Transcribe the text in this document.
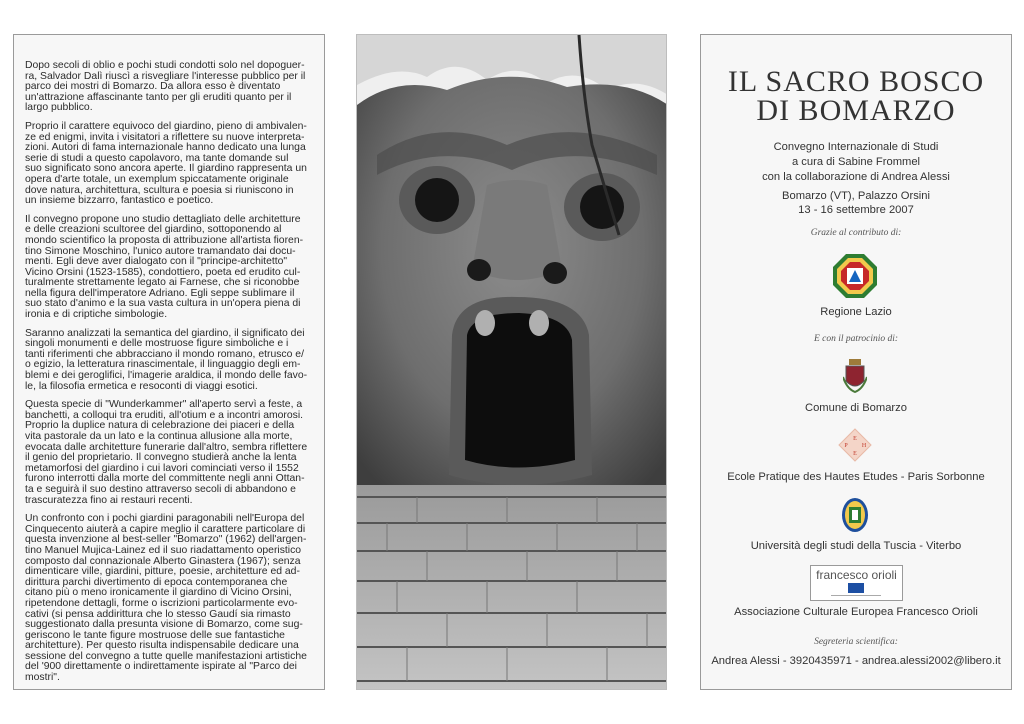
Dopo secoli di oblio e pochi studi condotti solo nel dopoguer-
ra, Salvador Dalì riuscì a risvegliare l'interesse pubblico per il
parco dei mostri di Bomarzo. Da allora esso è diventato
un'attrazione affascinante tanto per gli eruditi quanto per il
largo pubblico.

Proprio il carattere equivoco del giardino, pieno di ambivalen-
ze ed enigmi, invita i visitatori a riflettere su nuove interpreta-
zioni. Autori di fama internazionale hanno dedicato una lunga
serie di studi a questo capolavoro, ma tante domande sul
suo significato sono ancora aperte. Il giardino rappresenta un
opera d'arte totale, un exemplum spiccatamente originale
dove natura, architettura, scultura e poesia si riuniscono in
un insieme bizzarro, fantastico e poetico.

Il convegno propone uno studio dettagliato delle architetture
e delle creazioni scultoree del giardino, sottoponendo al
mondo scientifico la proposta di attribuzione all'artista fioren-
tino Simone Moschino, l'unico autore tramandato dai docu-
menti. Egli deve aver dialogato con il "principe-architetto"
Vicino Orsini (1523-1585), condottiero, poeta ed erudito cul-
turalmente strettamente legato ai Farnese, che si riconobbe
nella figura dell'imperatore Adriano. Egli seppe sublimare il
suo stato d'animo e la sua vasta cultura in un'opera piena di
ironia e di criptiche simbologie.

Saranno analizzati la semantica del giardino, il significato dei
singoli monumenti e delle mostruose figure simboliche e i
tanti riferimenti che abbracciano il mondo romano, etrusco e/
o egizio, la letteratura rinascimentale, il linguaggio degli em-
blemi e dei geroglifici, l'imagerie araldica, il mondo delle favo-
le, la filosofia ermetica e resoconti di viaggi esotici.

Questa specie di "Wunderkammer" all'aperto servì a feste, a
banchetti, a colloqui tra eruditi, all'otium e a incontri amorosi.
Proprio la duplice natura di celebrazione dei piaceri e della
vita pastorale da un lato e la continua allusione alla morte,
evocata dalle architetture funerarie dall'altro, sembra riflettere
il genio del proprietario. Il convegno studierà anche la lenta
metamorfosi del giardino i cui lavori cominciati verso il 1552
furono interrotti dalla morte del committente negli anni Ottan-
ta e seguirà il suo destino attraverso secoli di abbandono e
trascuratezza fino ai restauri recenti.

Un confronto con i pochi giardini paragonabili nell'Europa del
Cinquecento aiuterà a capire meglio il carattere particolare di
questa invenzione al best-seller "Bomarzo" (1962) dell'argen-
tino Manuel Mujica-Lainez ed il suo riadattamento operistico
composto dal connazionale Alberto Ginastera (1967); senza
dimenticare ville, giardini, pitture, poesie, architetture ed ad-
dirittura parchi divertimento di epoca contemporanea che
citano più o meno ironicamente il giardino di Vicino Orsini,
ripetendone dettagli, forme o iscrizioni particolarmente evo-
cativi (si pensa addirittura che lo stesso Gaudí sia rimasto
suggestionato dalla presunta visione di Bomarzo, come sug-
geriscono le tante figure mostruose delle sue fantastiche
architetture). Per questo risulta indispensabile dedicare una
sessione del convegno a tutte quelle manifestazioni artistiche
del '900 direttamente o indirettamente ispirate al "Parco dei
mostri".

IL SACRO BOSCO
DI BOMARZO
Convegno Internazionale di Studi
a cura di Sabine Frommel
con la collaborazione di Andrea Alessi
Bomarzo (VT), Palazzo Orsini
13 - 16 settembre 2007
Grazie al contributo di:
Regione Lazio
E con il patrocinio di:
Comune di Bomarzo
E
P H
E
Ecole Pratique des Hautes Etudes - Paris Sorbonne
Università degli studi della Tuscia - Viterbo
francesco orioli
Associazione Culturale Europea Francesco Orioli
Segreteria scientifica:
Andrea Alessi - 3920435971 - andrea.alessi2002@libero.it
